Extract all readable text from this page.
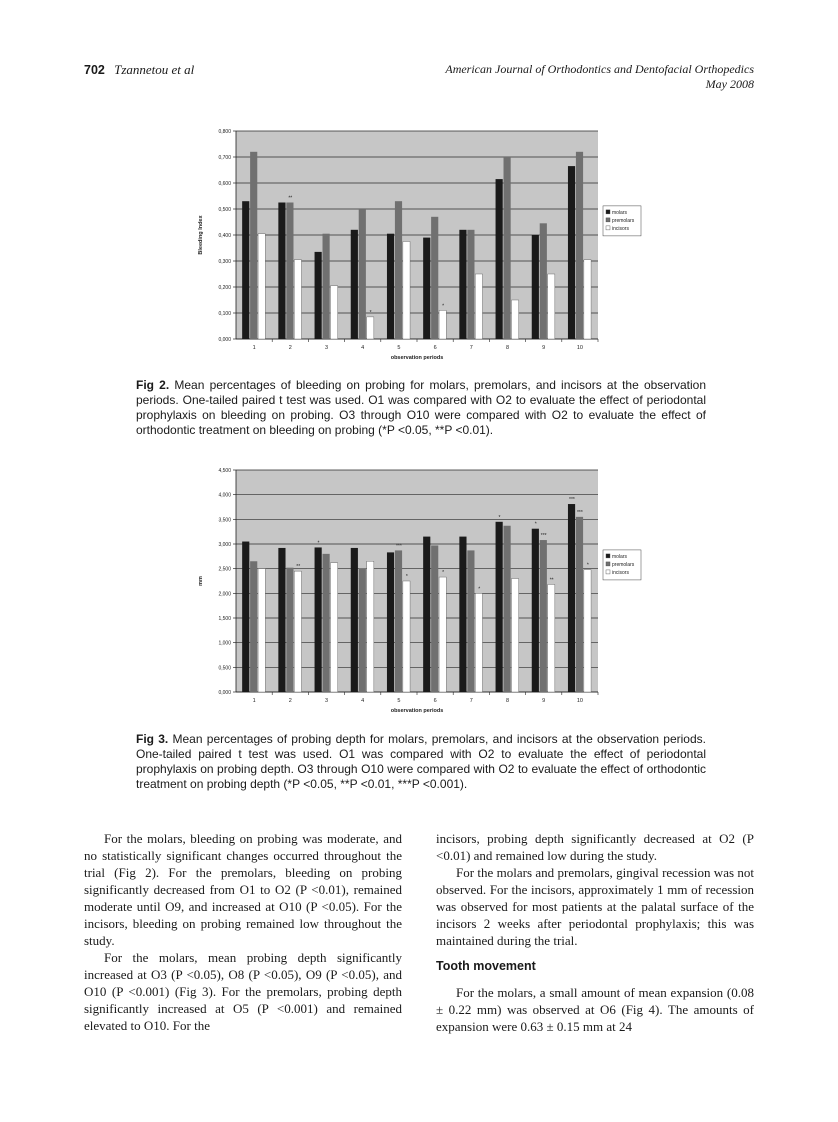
702 Tzannetou et al	American Journal of Orthodontics and Dentofacial Orthopedics
May 2008
0,000
0,100
0,200
0,300
0,400
0,500
0,600
0,700
0,800
1	2	3	4	5	6	7	8	9	10
**
*
*
observation periods
Bleeding Index
molars
premolars
incisors
Fig 2. Mean percentages of bleeding on probing for molars, premolars, and incisors at the observation periods. One-tailed paired t test was used. O1 was compared with O2 to evaluate the effect of periodontal prophylaxis on bleeding on probing. O3 through O10 were compared with O2 to evaluate the effect of orthodontic treatment on bleeding on probing (*P <0.05, **P <0.01).
0,000
0,500
1,000
1,500
2,000
2,500
3,000
3,500
4,000
4,500
1	2	3	4	5	6	7	8	9	10
**
*	***
*
*
*
*
*
***
**
***
***
*
observation periods
mm
molars
premolars
incisors
Fig 3. Mean percentages of probing depth for molars, premolars, and incisors at the observation periods. One-tailed paired t test was used. O1 was compared with O2 to evaluate the effect of periodontal prophylaxis on probing depth. O3 through O10 were compared with O2 to evaluate the effect of orthodontic treatment on probing depth (*P <0.05, **P <0.01, ***P <0.001).

For the molars, bleeding on probing was moderate, and no statistically significant changes occurred throughout the trial (Fig 2). For the premolars, bleeding on probing significantly decreased from O1 to O2 (P <0.01), remained moderate until O9, and increased at O10 (P <0.05). For the incisors, bleeding on probing remained low throughout the study.

For the molars, mean probing depth significantly increased at O3 (P <0.05), O8 (P <0.05), O9 (P <0.05), and O10 (P <0.001) (Fig 3). For the premolars, probing depth significantly increased at O5 (P <0.001) and remained elevated to O10. For the

incisors, probing depth significantly decreased at O2 (P <0.01) and remained low during the study.

For the molars and premolars, gingival recession was not observed. For the incisors, approximately 1 mm of recession was observed for most patients at the palatal surface of the incisors 2 weeks after periodontal prophylaxis; this was maintained during the trial.

Tooth movement

For the molars, a small amount of mean expansion (0.08 ± 0.22 mm) was observed at O6 (Fig 4). The amounts of expansion were 0.63 ± 0.15 mm at 24
